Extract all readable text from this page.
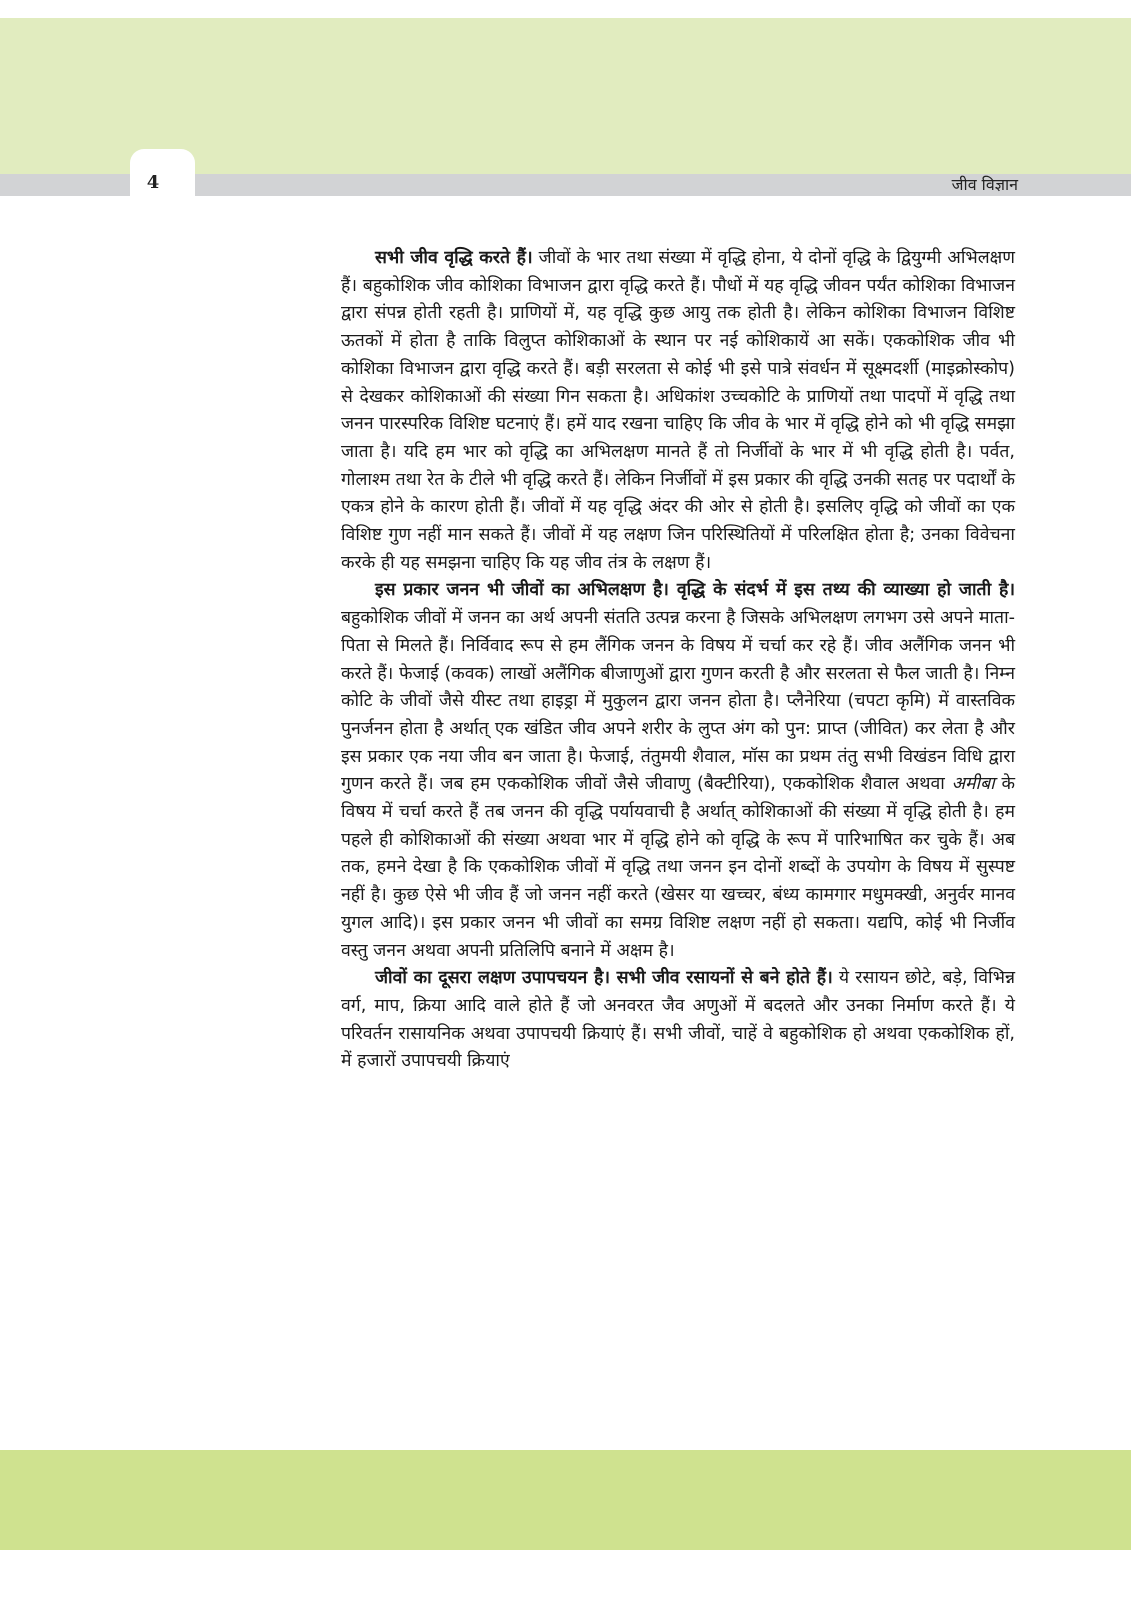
4	जीव विज्ञान

सभी जीव वृद्धि करते हैं। जीवों के भार तथा संख्या में वृद्धि होना, ये दोनों वृद्धि के द्वियुग्मी अभिलक्षण हैं। बहुकोशिक जीव कोशिका विभाजन द्वारा वृद्धि करते हैं। पौधों में यह वृद्धि जीवन पर्यंत कोशिका विभाजन द्वारा संपन्न होती रहती है। प्राणियों में, यह वृद्धि कुछ आयु तक होती है। लेकिन कोशिका विभाजन विशिष्ट ऊतकों में होता है ताकि विलुप्त कोशिकाओं के स्थान पर नई कोशिकायें आ सकें। एककोशिक जीव भी कोशिका विभाजन द्वारा वृद्धि करते हैं। बड़ी सरलता से कोई भी इसे पात्रे संवर्धन में सूक्ष्मदर्शी (माइक्रोस्कोप) से देखकर कोशिकाओं की संख्या गिन सकता है। अधिकांश उच्चकोटि के प्राणियों तथा पादपों में वृद्धि तथा जनन पारस्परिक विशिष्ट घटनाएं हैं। हमें याद रखना चाहिए कि जीव के भार में वृद्धि होने को भी वृद्धि समझा जाता है। यदि हम भार को वृद्धि का अभिलक्षण मानते हैं तो निर्जीवों के भार में भी वृद्धि होती है। पर्वत, गोलाश्म तथा रेत के टीले भी वृद्धि करते हैं। लेकिन निर्जीवों में इस प्रकार की वृद्धि उनकी सतह पर पदार्थों के एकत्र होने के कारण होती हैं। जीवों में यह वृद्धि अंदर की ओर से होती है। इसलिए वृद्धि को जीवों का एक विशिष्ट गुण नहीं मान सकते हैं। जीवों में यह लक्षण जिन परिस्थितियों में परिलक्षित होता है; उनका विवेचना करके ही यह समझना चाहिए कि यह जीव तंत्र के लक्षण हैं।

इस प्रकार जनन भी जीवों का अभिलक्षण है। वृद्धि के संदर्भ में इस तथ्य की व्याख्या हो जाती है। बहुकोशिक जीवों में जनन का अर्थ अपनी संतति उत्पन्न करना है जिसके अभिलक्षण लगभग उसे अपने माता-पिता से मिलते हैं। निर्विवाद रूप से हम लैंगिक जनन के विषय में चर्चा कर रहे हैं। जीव अलैंगिक जनन भी करते हैं। फेजाई (कवक) लाखों अलैंगिक बीजाणुओं द्वारा गुणन करती है और सरलता से फैल जाती है। निम्न कोटि के जीवों जैसे यीस्ट तथा हाइड्रा में मुकुलन द्वारा जनन होता है। प्लैनेरिया (चपटा कृमि) में वास्तविक पुनर्जनन होता है अर्थात् एक खंडित जीव अपने शरीर के लुप्त अंग को पुन: प्राप्त (जीवित) कर लेता है और इस प्रकार एक नया जीव बन जाता है। फेजाई, तंतुमयी शैवाल, मॉस का प्रथम तंतु सभी विखंडन विधि द्वारा गुणन करते हैं। जब हम एककोशिक जीवों जैसे जीवाणु (बैक्टीरिया), एककोशिक शैवाल अथवा अमीबा के विषय में चर्चा करते हैं तब जनन की वृद्धि पर्यायवाची है अर्थात् कोशिकाओं की संख्या में वृद्धि होती है। हम पहले ही कोशिकाओं की संख्या अथवा भार में वृद्धि होने को वृद्धि के रूप में पारिभाषित कर चुके हैं। अब तक, हमने देखा है कि एककोशिक जीवों में वृद्धि तथा जनन इन दोनों शब्दों के उपयोग के विषय में सुस्पष्ट नहीं है। कुछ ऐसे भी जीव हैं जो जनन नहीं करते (खेसर या खच्चर, बंध्य कामगार मधुमक्खी, अनुर्वर मानव युगल आदि)। इस प्रकार जनन भी जीवों का समग्र विशिष्ट लक्षण नहीं हो सकता। यद्यपि, कोई भी निर्जीव वस्तु जनन अथवा अपनी प्रतिलिपि बनाने में अक्षम है।

जीवों का दूसरा लक्षण उपापचयन है। सभी जीव रसायनों से बने होते हैं। ये रसायन छोटे, बड़े, विभिन्न वर्ग, माप, क्रिया आदि वाले होते हैं जो अनवरत जैव अणुओं में बदलते और उनका निर्माण करते हैं। ये परिवर्तन रासायनिक अथवा उपापचयी क्रियाएं हैं। सभी जीवों, चाहें वे बहुकोशिक हो अथवा एककोशिक हों, में हजारों उपापचयी क्रियाएं
